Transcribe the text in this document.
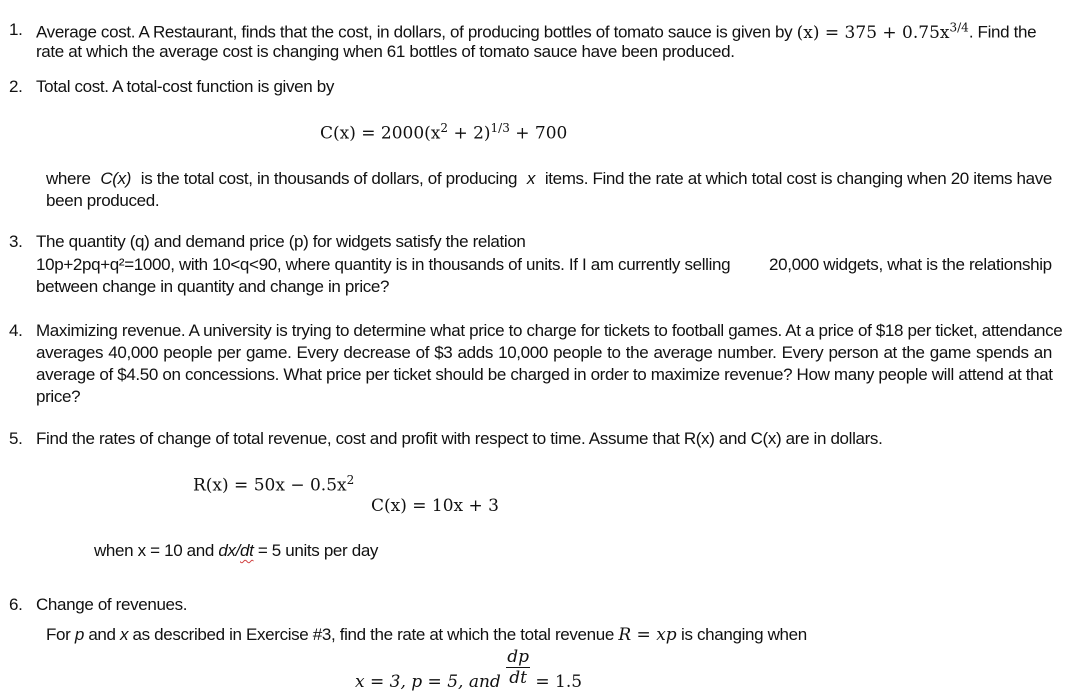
1. Average cost. A Restaurant, finds that the cost, in dollars, of producing bottles of tomato sauce is given by $(x) = 375 + 0.75x^{3/4}$. Find the
rate at which the average cost is changing when 61 bottles of tomato sauce have been produced.
2. Total cost. A total-cost function is given by
$C(x) = 2000(x^2 + 2)^{1/3} + 700$
where C(x) is the total cost, in thousands of dollars, of producing x items. Find the rate at which total cost is changing when 20 items have
been produced.
3. The quantity (q) and demand price (p) for widgets satisfy the relation
10p+2pq+q²=1000, with 10<q<90, where quantity is in thousands of units. If I am currently selling 20,000 widgets, what is the relationship
between change in quantity and change in price?
4. Maximizing revenue. A university is trying to determine what price to charge for tickets to football games. At a price of $18 per ticket, attendance
averages 40,000 people per game. Every decrease of $3 adds 10,000 people to the average number. Every person at the game spends an
average of $4.50 on concessions. What price per ticket should be charged in order to maximize revenue? How many people will attend at that
price?
5. Find the rates of change of total revenue, cost and profit with respect to time. Assume that R(x) and C(x) are in dollars.
$R(x) = 50x - 0.5x^2$
C(x) = 10x + 3
when x = 10 and dx/dt = 5 units per day
6. Change of revenues.
For p and x as described in Exercise #3, find the rate at which the total revenue R = xp is changing when
x = 3, p = 5, and $\frac{dp}{dt} = 1.5$
